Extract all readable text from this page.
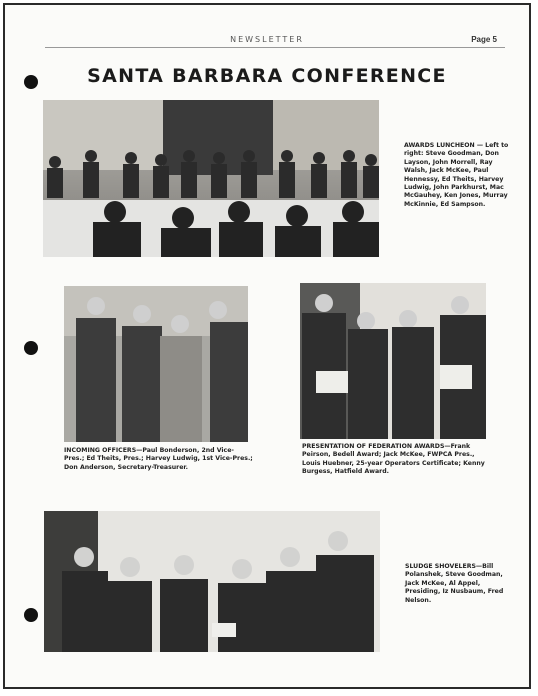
NEWSLETTER	Page 5
SANTA BARBARA CONFERENCE
AWARDS LUNCHEON — Left to right: Steve Goodman, Don Layson, John Morrell, Ray Walsh, Jack McKee, Paul Hennessy, Ed Theits, Harvey Ludwig, John Parkhurst, Mac McGauhey, Ken Jones, Murray McKinnie, Ed Sampson.
INCOMING OFFICERS—Paul Bonderson, 2nd Vice-Pres.; Ed Theits, Pres.; Harvey Ludwig, 1st Vice-Pres.; Don Anderson, Secretary-Treasurer.
PRESENTATION OF FEDERATION AWARDS—Frank Peirson, Bedell Award; Jack McKee, FWPCA Pres., Louis Huebner, 25-year Operators Certificate; Kenny Burgess, Hatfield Award.
SLUDGE SHOVELERS—Bill Polanshek, Steve Goodman, Jack McKee, Al Appel, Presiding, Iz Nusbaum, Fred Nelson.
